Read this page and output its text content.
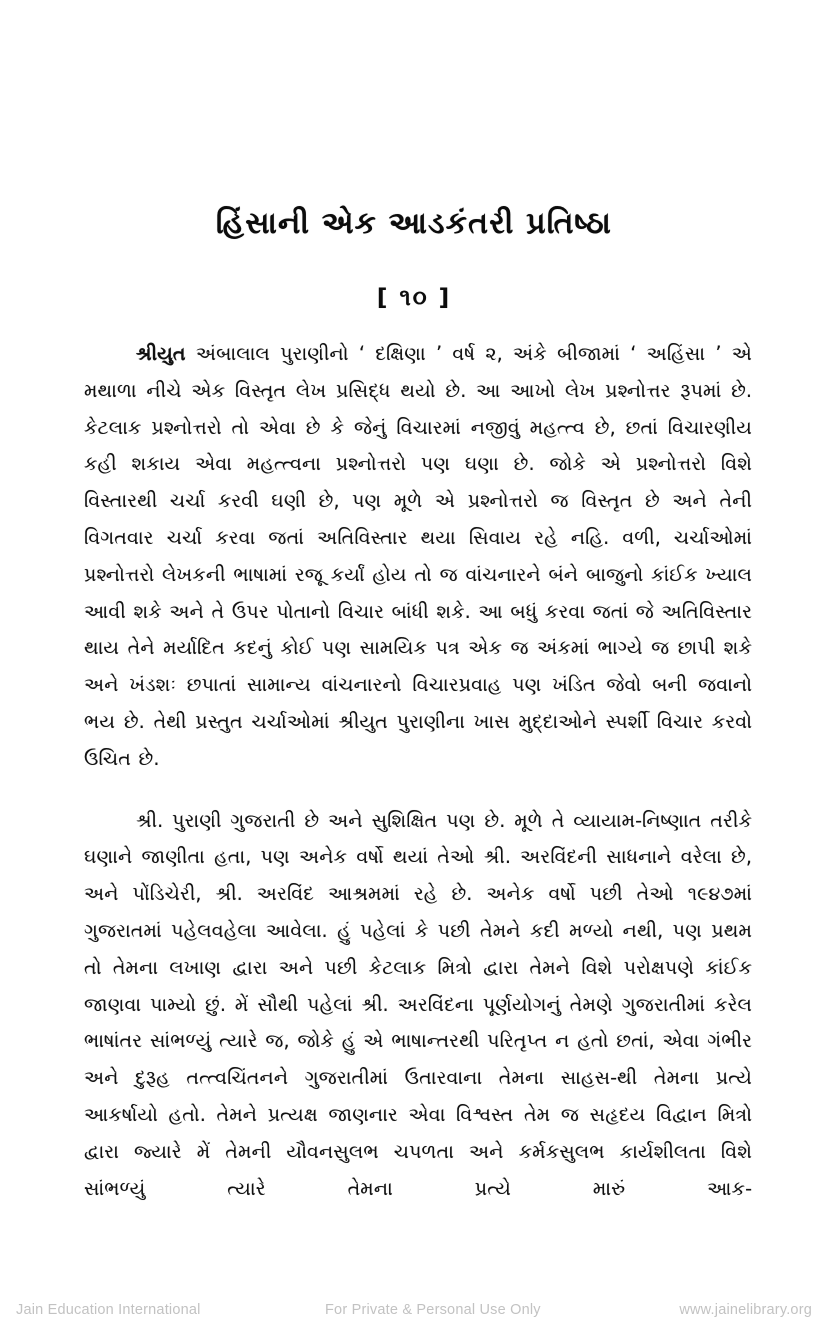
હિંસાની એક આડકંતરી પ્રતિષ્ઠા
[ ૧૦ ]

શ્રીયુત અંબાલાલ પુરાણીનો ‘ દક્ષિણા ’ વર્ષ ૨, અંકે બીજામાં ‘ અહિંસા ’ એ મથાળા નીચે એક વિસ્તૃત લેખ પ્રસિદ્ધ થયો છે. આ આખો લેખ પ્રશ્નોત્તર રૂપમાં છે. કેટલાક પ્રશ્નોત્તરો તો એવા છે કે જેનું વિચારમાં નજીવું મહત્ત્વ છે, છતાં વિચારણીય કહી શકાય એવા મહત્ત્વના પ્રશ્નોત્તરો પણ ઘણા છે. જોકે એ પ્રશ્નોત્તરો વિશે વિસ્તારથી ચર્ચા કરવી ઘણી છે, પણ મૂળે એ પ્રશ્નોત્તરો જ વિસ્તૃત છે અને તેની વિગતવાર ચર્ચા કરવા જતાં અતિવિસ્તાર થયા સિવાય રહે નહિ. વળી, ચર્ચાઓમાં પ્રશ્નોત્તરો લેખકની ભાષામાં રજૂ કર્યાં હોય તો જ વાંચનારને બંને બાજુનો કાંઈક ખ્યાલ આવી શકે અને તે ઉપર પોતાનો વિચાર બાંધી શકે. આ બધું કરવા જતાં જે અતિવિસ્તાર થાય તેને મર્યાદિત કદનું કોઈ પણ સામયિક પત્ર એક જ અંકમાં ભાગ્યે જ છાપી શકે અને ખંડશઃ છપાતાં સામાન્ય વાંચનારનો વિચારપ્રવાહ પણ ખંડિત જેવો બની જવાનો ભય છે. તેથી પ્રસ્તુત ચર્ચાઓમાં શ્રીયુત પુરાણીના ખાસ મુદ્દાઓને સ્પર્શી વિચાર કરવો ઉચિત છે.

શ્રી. પુરાણી ગુજરાતી છે અને સુશિક્ષિત પણ છે. મૂળે તે વ્યાયામ-નિષ્ણાત તરીકે ઘણાને જાણીતા હતા, પણ અનેક વર્ષો થયાં તેઓ શ્રી. અરવિંદની સાધનાને વરેલા છે, અને પોંડિચેરી, શ્રી. અરવિંદ આશ્રમમાં રહે છે. અનેક વર્ષો પછી તેઓ ૧૯૪૭માં ગુજરાતમાં પહેલવહેલા આવેલા. હું પહેલાં કે પછી તેમને કદી મળ્યો નથી, પણ પ્રથમ તો તેમના લખાણ દ્વારા અને પછી કેટલાક મિત્રો દ્વારા તેમને વિશે પરોક્ષપણે કાંઈક જાણવા પામ્યો છું. મેં સૌથી પહેલાં શ્રી. અરવિંદના પૂર્ણયોગનું તેમણે ગુજરાતીમાં કરેલ ભાષાંતર સાંભળ્યું ત્યારે જ, જોકે હું એ ભાષાન્તરથી પરિતૃપ્ત ન હતો છતાં, એવા ગંભીર અને દુરૂહ તત્ત્વચિંતનને ગુજરાતીમાં ઉતારવાના તેમના સાહસ-થી તેમના પ્રત્યે આકર્ષાયો હતો. તેમને પ્રત્યક્ષ જાણનાર એવા વિશ્વસ્ત તેમ જ સહૃદય વિદ્વાન મિત્રો દ્વારા જ્યારે મેં તેમની યૌવનસુલભ ચપળતા અને કર્મકસુલભ કાર્યશીલતા વિશે સાંભળ્યું ત્યારે તેમના પ્રત્યે મારું આક-

Jain Education International	For Private & Personal Use Only	www.jainelibrary.org
